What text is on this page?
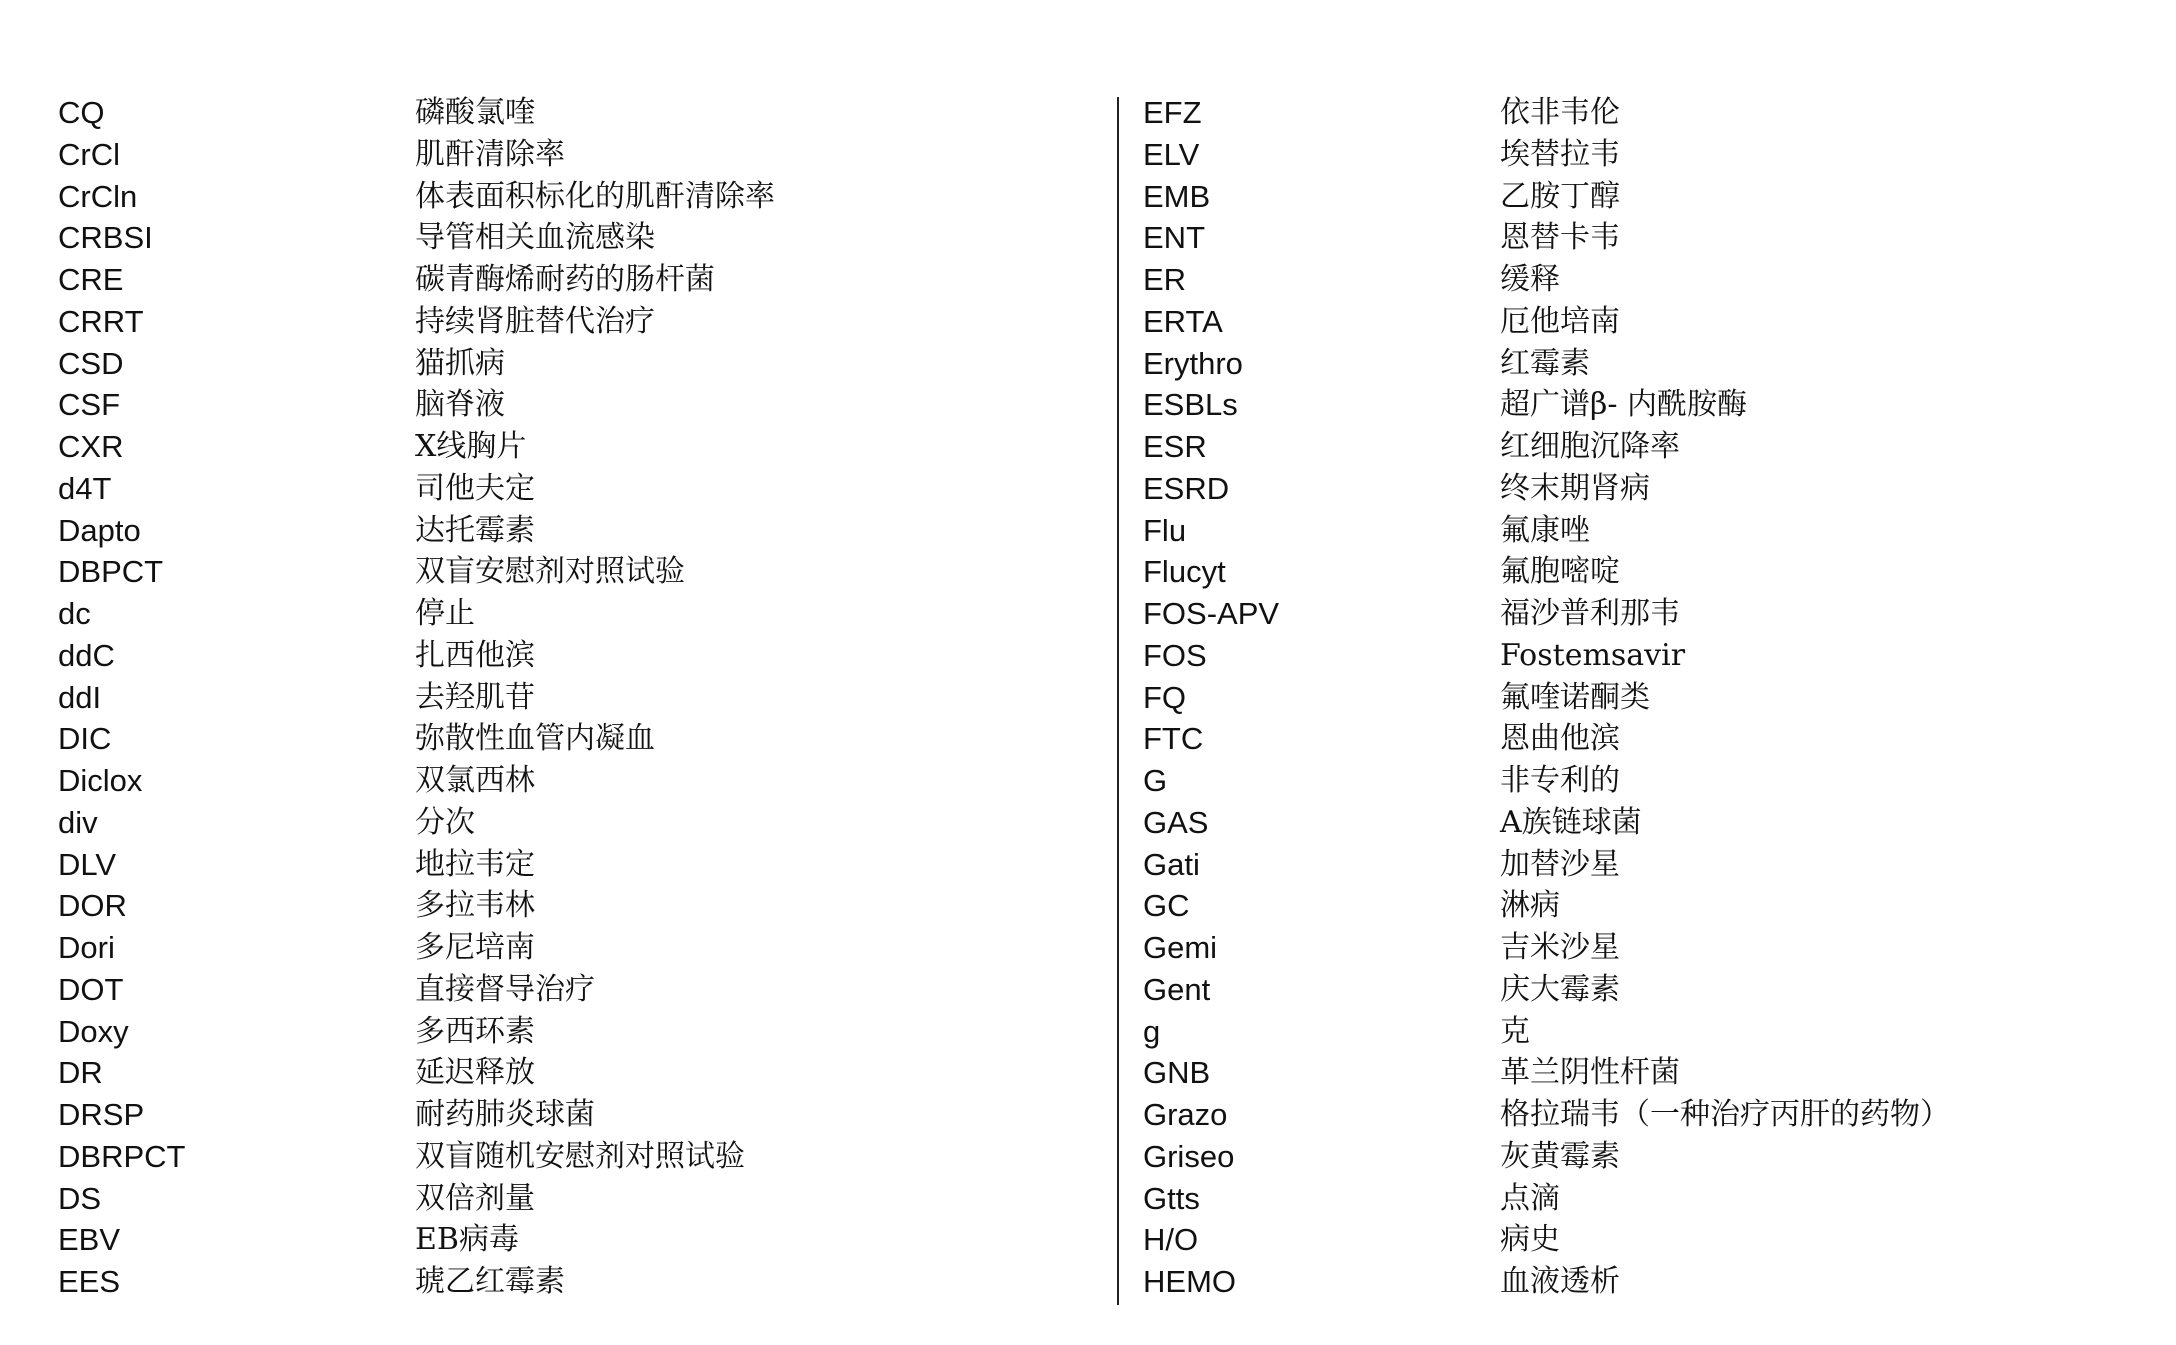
CQ	磷酸氯喹
CrCl	肌酐清除率
CrCln	体表面积标化的肌酐清除率
CRBSI	导管相关血流感染
CRE	碳青酶烯耐药的肠杆菌
CRRT	持续肾脏替代治疗
CSD	猫抓病
CSF	脑脊液
CXR	X线胸片
d4T	司他夫定
Dapto	达托霉素
DBPCT	双盲安慰剂对照试验
dc	停止
ddC	扎西他滨
ddI	去羟肌苷
DIC	弥散性血管内凝血
Diclox	双氯西林
div	分次
DLV	地拉韦定
DOR	多拉韦林
Dori	多尼培南
DOT	直接督导治疗
Doxy	多西环素
DR	延迟释放
DRSP	耐药肺炎球菌
DBRPCT	双盲随机安慰剂对照试验
DS	双倍剂量
EBV	EB病毒
EES	琥乙红霉素
EFZ	依非韦伦
ELV	埃替拉韦
EMB	乙胺丁醇
ENT	恩替卡韦
ER	缓释
ERTA	厄他培南
Erythro	红霉素
ESBLs	超广谱β- 内酰胺酶
ESR	红细胞沉降率
ESRD	终末期肾病
Flu	氟康唑
Flucyt	氟胞嘧啶
FOS-APV	福沙普利那韦
FOS	Fostemsavir
FQ	氟喹诺酮类
FTC	恩曲他滨
G	非专利的
GAS	A族链球菌
Gati	加替沙星
GC	淋病
Gemi	吉米沙星
Gent	庆大霉素
g	克
GNB	革兰阴性杆菌
Grazo	格拉瑞韦（一种治疗丙肝的药物）
Griseo	灰黄霉素
Gtts	点滴
H/O	病史
HEMO	血液透析
